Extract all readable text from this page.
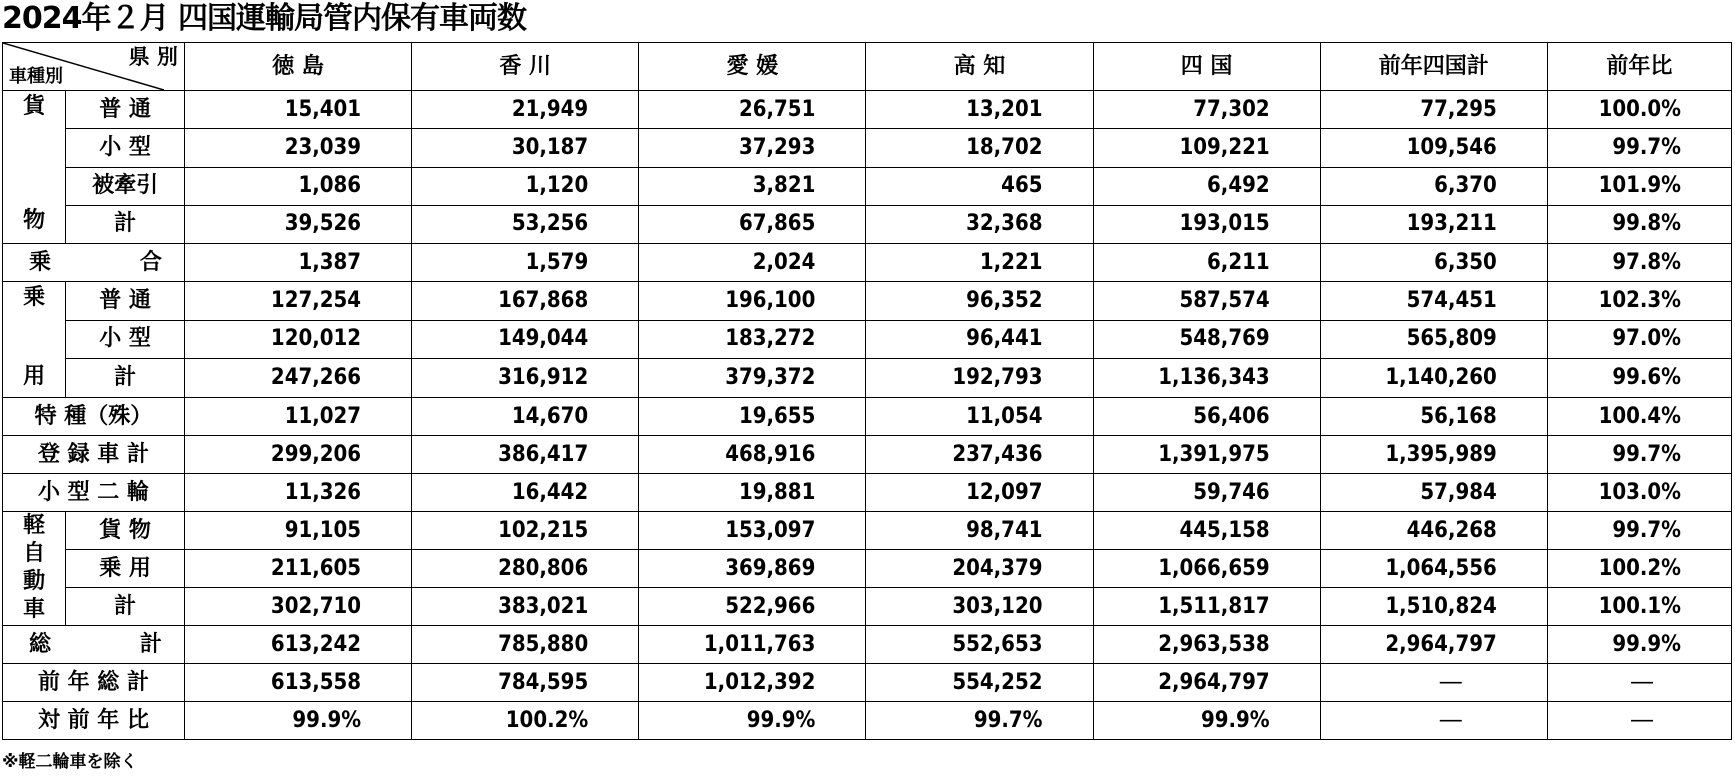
2024年２月 四国運輸局管内保有車両数
県 別
車種別		徳 島	香 川	愛 媛	高 知	四 国	前年四国計	前年比

貨
物	普 通	15,401	21,949	26,751	13,201	77,302	77,295	100.0%
	小 型	23,039	30,187	37,293	18,702	109,221	109,546	99.7%
	被牽引	1,086	1,120	3,821	465	6,492	6,370	101.9%
	計	39,526	53,256	67,865	32,368	193,015	193,211	99.8%

乗 合		1,387	1,579	2,024	1,221	6,211	6,350	97.8%

乗
用	普 通	127,254	167,868	196,100	96,352	587,574	574,451	102.3%
	小 型	120,012	149,044	183,272	96,441	548,769	565,809	97.0%
	計	247,266	316,912	379,372	192,793	1,136,343	1,140,260	99.6%
特 種（殊）		11,027	14,670	19,655	11,054	56,406	56,168	100.4%
登 録 車 計		299,206	386,417	468,916	237,436	1,391,975	1,395,989	99.7%
小 型 二 輪		11,326	16,442	19,881	12,097	59,746	57,984	103.0%

軽
自
動
車	貨 物	91,105	102,215	153,097	98,741	445,158	446,268	99.7%
	乗 用	211,605	280,806	369,869	204,379	1,066,659	1,064,556	100.2%
	計	302,710	383,021	522,966	303,120	1,511,817	1,510,824	100.1%

総 計		613,242	785,880	1,011,763	552,653	2,963,538	2,964,797	99.9%
前 年 総 計		613,558	784,595	1,012,392	554,252	2,964,797	―	―
対 前 年 比		99.9%	100.2%	99.9%	99.7%	99.9%	―	―
※軽二輪車を除く
